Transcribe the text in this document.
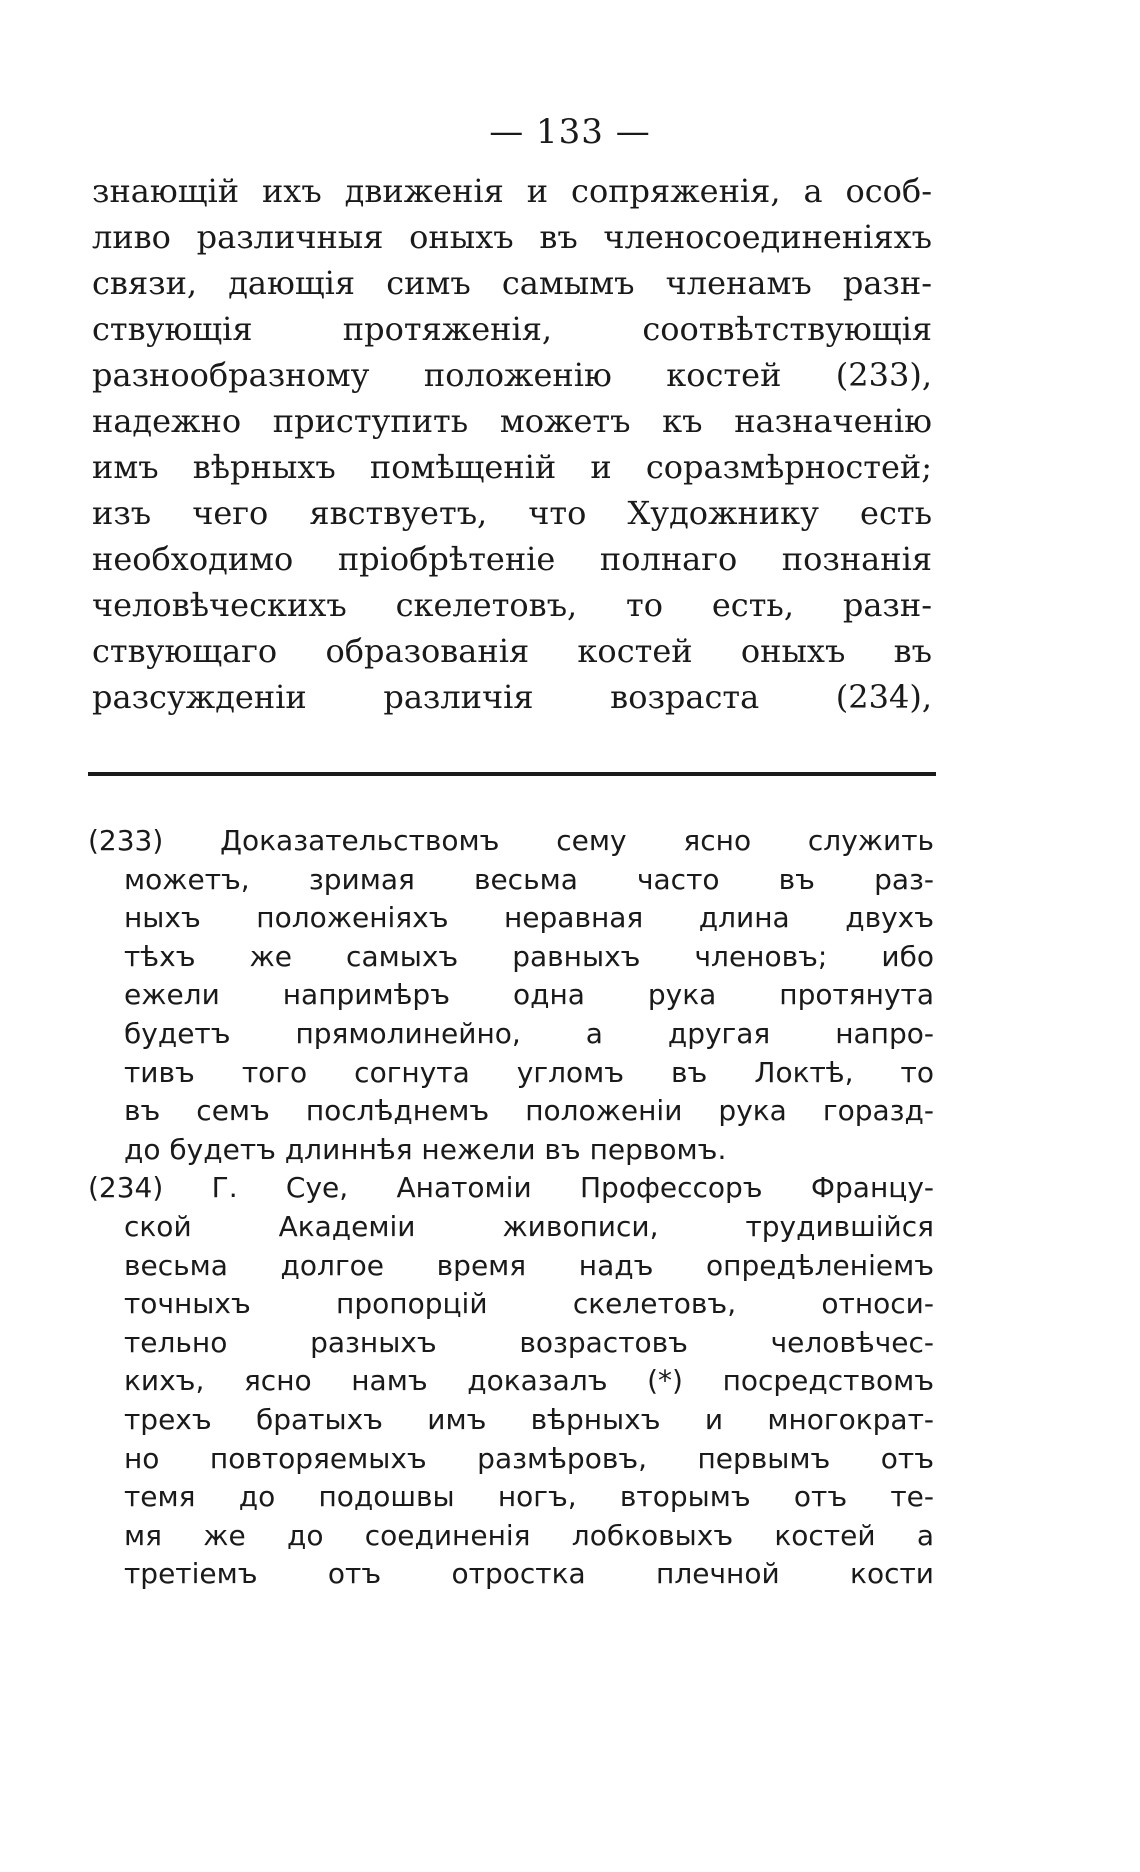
— 133 —
знающій ихъ движенія и сопряженія, а особ-
ливо различныя оныхъ въ членосоединеніяхъ
связи, дающія симъ самымъ членамъ разн-
ствующія протяженія, соотвѣтствующія
разнообразному положенію костей (233),
надежно приступить можетъ къ назначенію
имъ вѣрныхъ помѣщеній и соразмѣрностей;
изъ чего явствуетъ, что Художнику есть
необходимо пріобрѣтеніе полнаго познанія
человѣческихъ скелетовъ, то есть, разн-
ствующаго образованія костей оныхъ въ
разсужденіи различія возраста (234),
(233) Доказательствомъ сему ясно служить
можетъ, зримая весьма часто въ раз-
ныхъ положеніяхъ неравная длина двухъ
тѣхъ же самыхъ равныхъ членовъ; ибо
ежели напримѣръ одна рука протянута
будетъ прямолинейно, а другая напро-
тивъ того согнута угломъ въ Локтѣ, то
въ семъ послѣднемъ положеніи рука горазд-
до будетъ длиннѣя нежели въ первомъ.
(234) Г. Суе, Анатоміи Профессоръ Францу-
ской Академіи живописи, трудившійся
весьма долгое время надъ опредѣленіемъ
точныхъ пропорцій скелетовъ, относи-
тельно разныхъ возрастовъ человѣчес-
кихъ, ясно намъ доказалъ (*) посредствомъ
трехъ братыхъ имъ вѣрныхъ и многократ-
но повторяемыхъ размѣровъ, первымъ отъ
темя до подошвы ногъ, вторымъ отъ те-
мя же до соединенія лобковыхъ костей а
третіемъ отъ отростка плечной кости
